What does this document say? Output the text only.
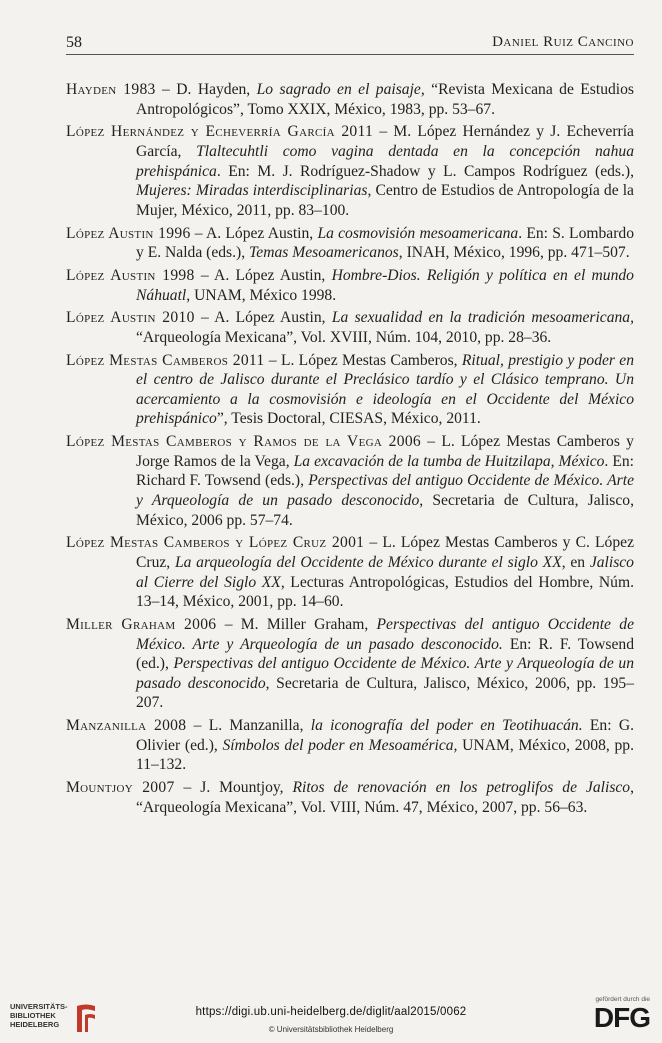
58	Daniel Ruiz Cancino

Hayden 1983 – D. Hayden, Lo sagrado en el paisaje, “Revista Mexicana de Estudios Antropológicos”, Tomo XXIX, México, 1983, pp. 53–67.

López Hernández y Echeverría García 2011 – M. López Hernández y J. Echeverría García, Tlaltecuhtli como vagina dentada en la concepción nahua prehispánica. En: M. J. Rodríguez-Shadow y L. Campos Rodríguez (eds.), Mujeres: Miradas interdisciplinarias, Centro de Estudios de Antropología de la Mujer, México, 2011, pp. 83–100.

López Austin 1996 – A. López Austin, La cosmovisión mesoamericana. En: S. Lombardo y E. Nalda (eds.), Temas Mesoamericanos, INAH, México, 1996, pp. 471–507.

López Austin 1998 – A. López Austin, Hombre-Dios. Religión y política en el mundo Náhuatl, UNAM, México 1998.

López Austin 2010 – A. López Austin, La sexualidad en la tradición mesoamericana, “Arqueología Mexicana”, Vol. XVIII, Núm. 104, 2010, pp. 28–36.

López Mestas Camberos 2011 – L. López Mestas Camberos, Ritual, prestigio y poder en el centro de Jalisco durante el Preclásico tardío y el Clásico temprano. Un acercamiento a la cosmovisión e ideología en el Occidente del México prehispánico”, Tesis Doctoral, CIESAS, México, 2011.

López Mestas Camberos y Ramos de la Vega 2006 – L. López Mestas Camberos y Jorge Ramos de la Vega, La excavación de la tumba de Huitzilapa, México. En: Richard F. Towsend (eds.), Perspectivas del antiguo Occidente de México. Arte y Arqueología de un pasado desconocido, Secretaria de Cultura, Jalisco, México, 2006 pp. 57–74.

López Mestas Camberos y López Cruz 2001 – L. López Mestas Camberos y C. López Cruz, La arqueología del Occidente de México durante el siglo XX, en Jalisco al Cierre del Siglo XX, Lecturas Antropológicas, Estudios del Hombre, Núm. 13–14, México, 2001, pp. 14–60.

Miller Graham 2006 – M. Miller Graham, Perspectivas del antiguo Occidente de México. Arte y Arqueología de un pasado desconocido. En: R. F. Towsend (ed.), Perspectivas del antiguo Occidente de México. Arte y Arqueología de un pasado desconocido, Secretaria de Cultura, Jalisco, México, 2006, pp. 195–207.

Manzanilla 2008 – L. Manzanilla, la iconografía del poder en Teotihuacán. En: G. Olivier (ed.), Símbolos del poder en Mesoamérica, UNAM, México, 2008, pp. 11–132.

Mountjoy 2007 – J. Mountjoy, Ritos de renovación en los petroglifos de Jalisco, “Arqueología Mexicana”, Vol. VIII, Núm. 47, México, 2007, pp. 56–63.

UNIVERSITÄTS-
BIBLIOTHEK
HEIDELBERG
https://digi.ub.uni-heidelberg.de/diglit/aal2015/0062
© Universitätsbibliothek Heidelberg
gefördert durch die
DFG
